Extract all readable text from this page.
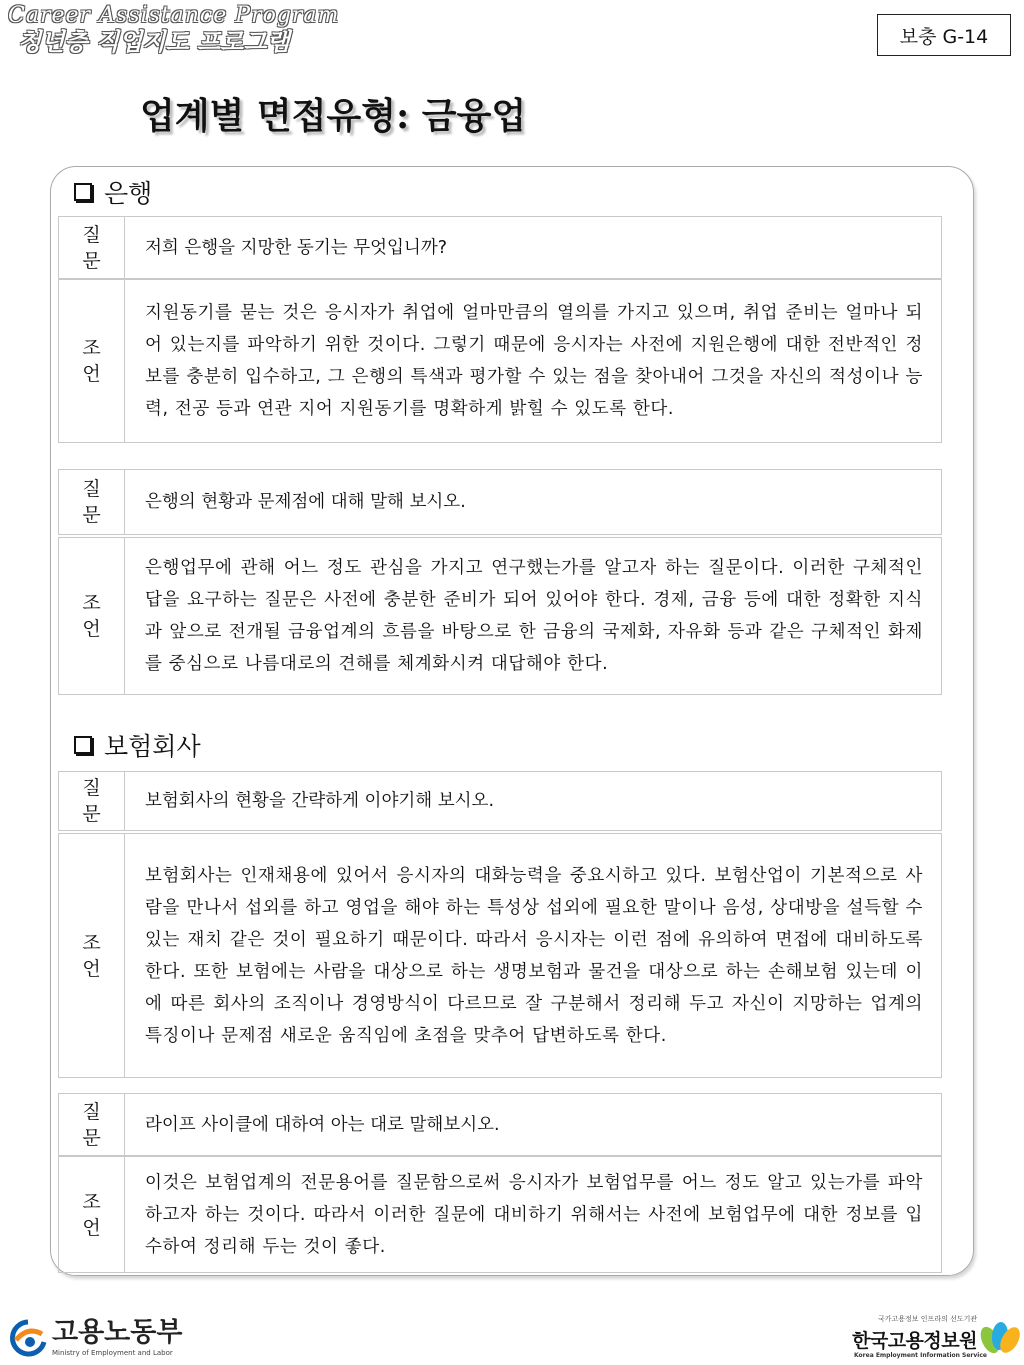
Career Assistance Program
청년층 직업지도 프로그램	보충 G-14
업계별 면접유형: 금융업
은행
질
문
저희 은행을 지망한 동기는 무엇입니까?
조
언
지원동기를 묻는 것은 응시자가 취업에 얼마만큼의 열의를 가지고 있으며, 취업 준비는 얼마나 되어 있는지를 파악하기 위한 것이다. 그렇기 때문에 응시자는 사전에 지원은행에 대한 전반적인 정보를 충분히 입수하고, 그 은행의 특색과 평가할 수 있는 점을 찾아내어 그것을 자신의 적성이나 능력, 전공 등과 연관 지어 지원동기를 명확하게 밝힐 수 있도록 한다.
질
문
은행의 현황과 문제점에 대해 말해 보시오.
조
언
은행업무에 관해 어느 정도 관심을 가지고 연구했는가를 알고자 하는 질문이다. 이러한 구체적인 답을 요구하는 질문은 사전에 충분한 준비가 되어 있어야 한다. 경제, 금융 등에 대한 정확한 지식과 앞으로 전개될 금융업계의 흐름을 바탕으로 한 금융의 국제화, 자유화 등과 같은 구체적인 화제를 중심으로 나름대로의 견해를 체계화시켜 대답해야 한다.
보험회사
질
문
보험회사의 현황을 간략하게 이야기해 보시오.
조
언
보험회사는 인재채용에 있어서 응시자의 대화능력을 중요시하고 있다. 보험산업이 기본적으로 사람을 만나서 섭외를 하고 영업을 해야 하는 특성상 섭외에 필요한 말이나 음성, 상대방을 설득할 수 있는 재치 같은 것이 필요하기 때문이다. 따라서 응시자는 이런 점에 유의하여 면접에 대비하도록 한다. 또한 보험에는 사람을 대상으로 하는 생명보험과 물건을 대상으로 하는 손해보험 있는데 이에 따른 회사의 조직이나 경영방식이 다르므로 잘 구분해서 정리해 두고 자신이 지망하는 업계의 특징이나 문제점 새로운 움직임에 초점을 맞추어 답변하도록 한다.
질
문
라이프 사이클에 대하여 아는 대로 말해보시오.
조
언
이것은 보험업계의 전문용어를 질문함으로써 응시자가 보험업무를 어느 정도 알고 있는가를 파악하고자 하는 것이다. 따라서 이러한 질문에 대비하기 위해서는 사전에 보험업무에 대한 정보를 입수하여 정리해 두는 것이 좋다.
고용노동부
Ministry of Employment and Labor
국가고용정보 인프라의 선도기관
한국고용정보원
Korea Employment Information Service
